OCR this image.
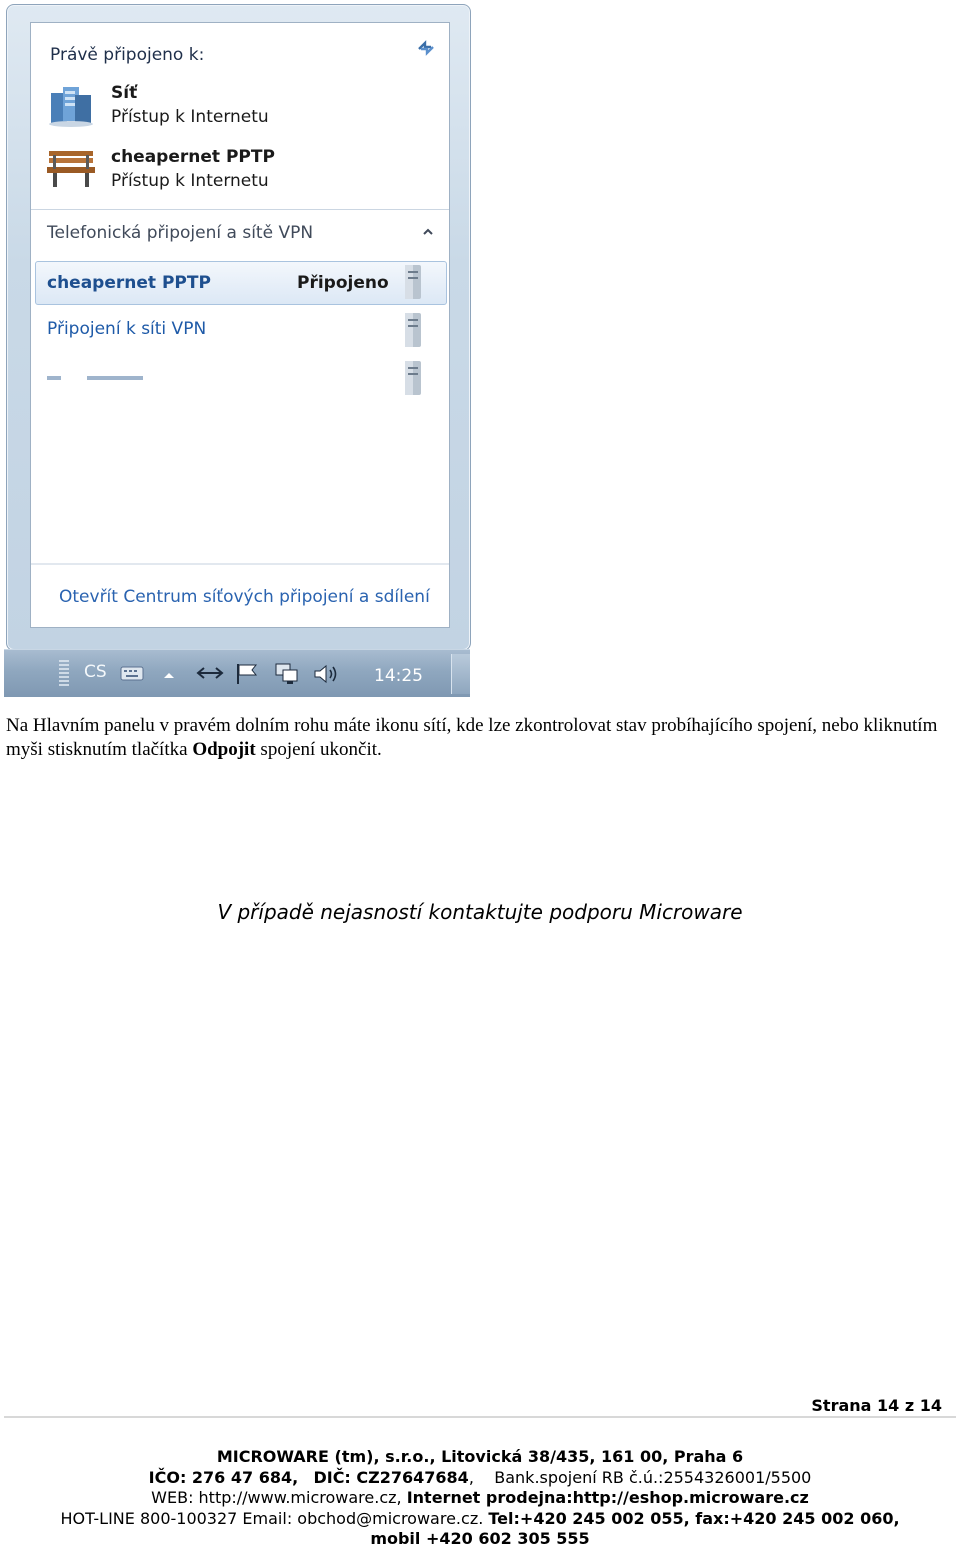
Právě připojeno k:
Síť
Přístup k Internetu
cheapernet PPTP
Přístup k Internetu
Telefonická připojení a sítě VPN
cheapernet PPTP	Připojeno
Připojení k síti VPN
Otevřít Centrum síťových připojení a sdílení
CS	14:25

Na Hlavním panelu v pravém dolním rohu máte ikonu sítí, kde lze zkontrolovat stav probíhajícího spojení, nebo kliknutím myši stisknutím tlačítka Odpojit spojení ukončit.

V případě nejasností kontaktujte podporu Microware
Strana 14 z 14
MICROWARE (tm), s.r.o., Litovická 38/435, 161 00, Praha 6
IČO: 276 47 684, DIČ: CZ27647684,    Bank.spojení RB č.ú.:2554326001/5500
WEB: http://www.microware.cz, Internet prodejna:http://eshop.microware.cz
HOT-LINE 800-100327 Email: obchod@microware.cz. Tel:+420 245 002 055, fax:+420 245 002 060,
mobil +420 602 305 555
